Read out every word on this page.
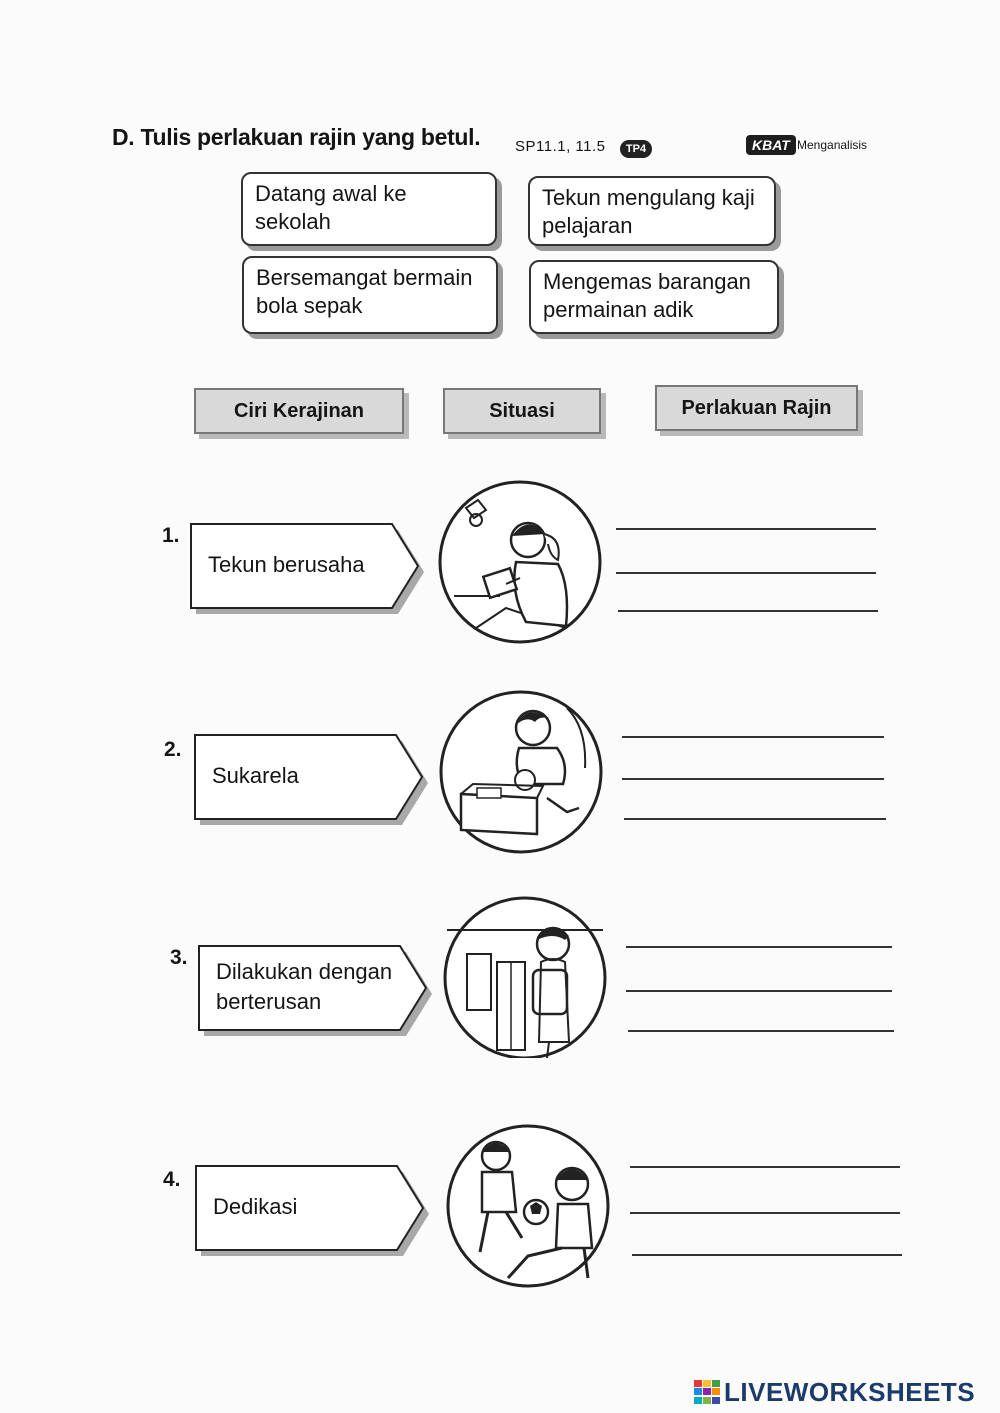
D. Tulis perlakuan rajin yang betul. SP11.1, 11.5	TP4	KBAT Menganalisis
Datang awal ke sekolah
Tekun mengulang kaji pelajaran
Bersemangat bermain bola sepak
Mengemas barangan permainan adik
Ciri Kerajinan	Situasi	Perlakuan Rajin
1.
Tekun berusaha
2.
Sukarela
3.
Dilakukan dengan berterusan
4.
Dedikasi
LIVEWORKSHEETS
